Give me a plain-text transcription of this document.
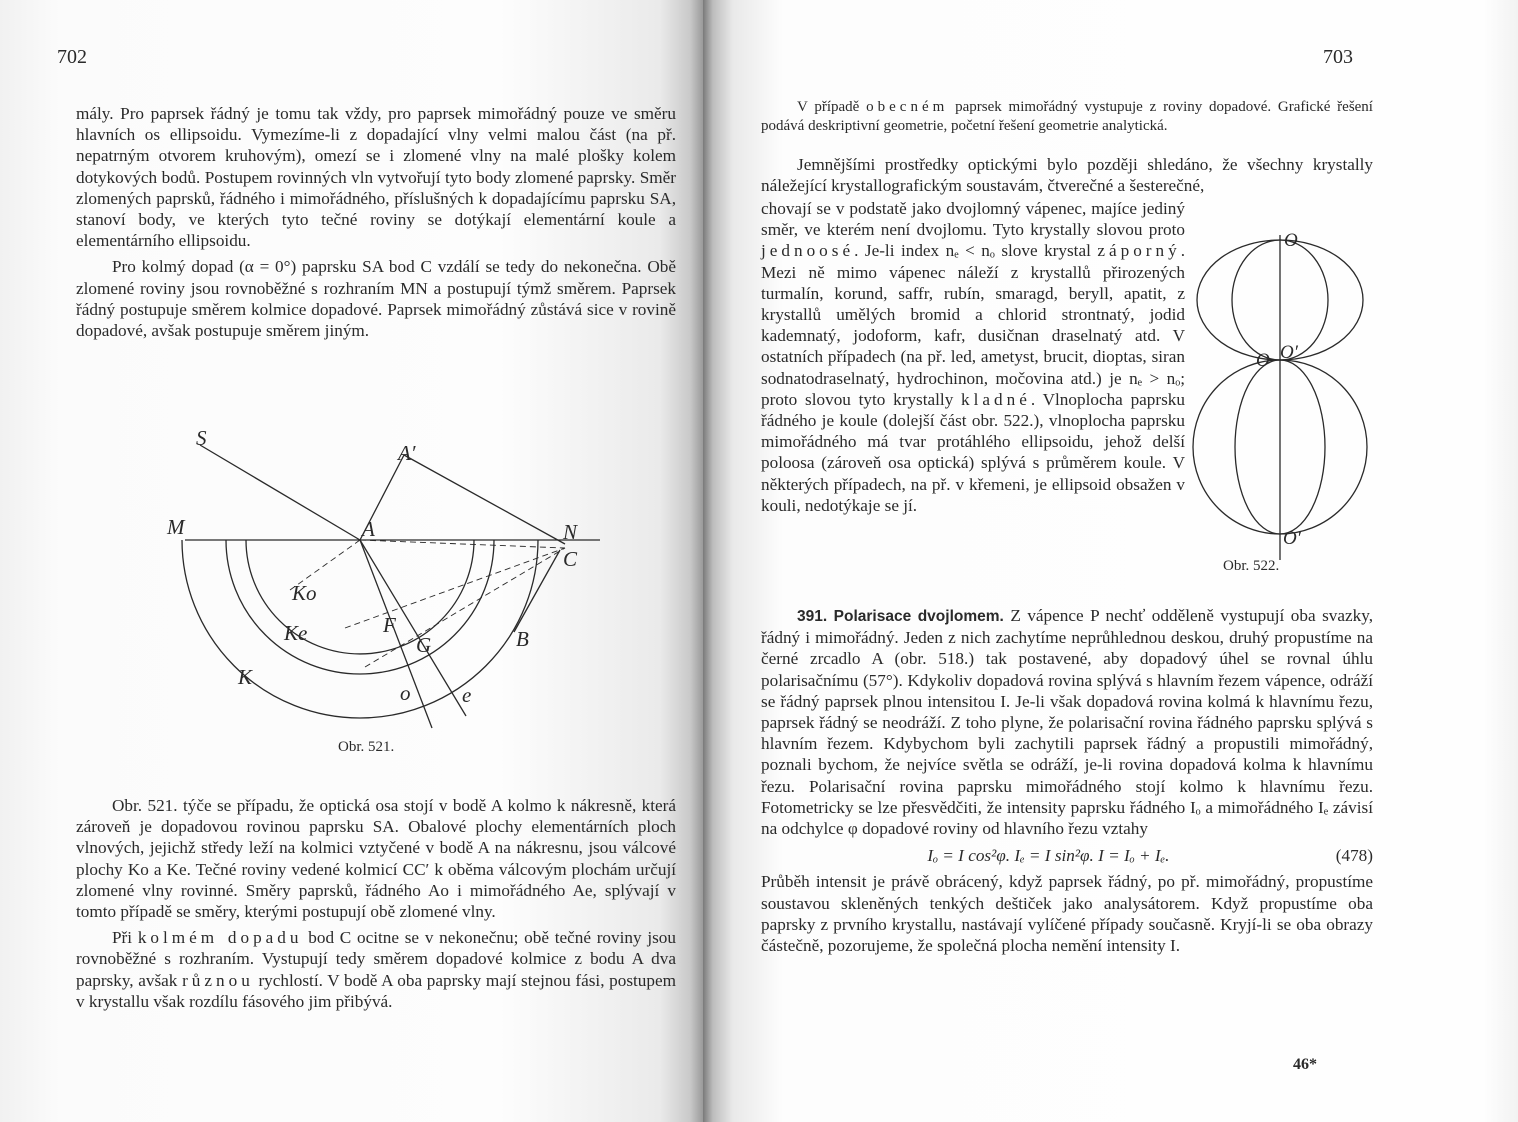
702

mály. Pro paprsek řádný je tomu tak vždy, pro paprsek mimořádný pouze ve směru hlavních os ellipsoidu. Vymezíme-li z dopadající vlny velmi malou část (na př. nepatrným otvorem kruhovým), omezí se i zlomené vlny na malé plošky kolem dotykových bodů. Postupem rovinných vln vytvořují tyto body zlomené paprsky. Směr zlomených paprsků, řádného i mimořádného, příslušných k dopadajícímu paprsku SA, stanoví body, ve kterých tyto tečné roviny se dotýkají elementární koule a elementárního ellipsoidu.

Pro kolmý dopad (α = 0°) paprsku SA bod C vzdálí se tedy do nekonečna. Obě zlomené roviny jsou rovnoběžné s rozhraním MN a postupují týmž směrem. Paprsek řádný postupuje směrem kolmice dopadové. Paprsek mimořádný zůstává sice v rovině dopadové, avšak postupuje směrem jiným.

S
A′
M	A	N
C
Ko
Ke	F
G	B
K
o e
Obr. 521.

Obr. 521. týče se případu, že optická osa stojí v bodě A kolmo k nákresně, která zároveň je dopadovou rovinou paprsku SA. Obalové plochy elementárních ploch vlnových, jejichž středy leží na kolmici vztyčené v bodě A na nákresnu, jsou válcové plochy Ko a Ke. Tečné roviny vedené kolmicí CC′ k oběma válcovým plochám určují zlomené vlny rovinné. Směry paprsků, řádného Ao i mimořádného Ae, splývají v tomto případě se směry, kterými postupují obě zlomené vlny.

Při kolmém dopadu bod C ocitne se v nekonečnu; obě tečné roviny jsou rovnoběžné s rozhraním. Vystupují tedy směrem dopadové kolmice z bodu A dva paprsky, avšak různou rychlostí. V bodě A oba paprsky mají stejnou fási, postupem v krystallu však rozdílu fásového jim přibývá.

703

V případě obecném paprsek mimořádný vystupuje z roviny dopadové. Grafické řešení podává deskriptivní geometrie, početní řešení geometrie analytická.

Jemnějšími prostředky optickými bylo později shledáno, že všechny krystally náležející krystallografickým soustavám, čtverečné a šesterečné,

chovají se v podstatě jako dvojlomný vápenec, majíce jediný směr, ve kterém není dvojlomu. Tyto krystally slovou proto jednoosé. Je-li index nₑ < nₒ slove krystal záporný. Mezi ně mimo vápenec náleží z krystallů přirozených turmalín, korund, saffr, rubín, smaragd, beryll, apatit, z krystallů umělých bromid a chlorid strontnatý, jodid kademnatý, jodoform, kafr, dusičnan draselnatý atd. V ostatních případech (na př. led, ametyst, brucit, dioptas, siran sodnatodraselnatý, hydrochinon, močovina atd.) je nₑ > nₒ; proto slovou tyto krystally kladné. Vlnoplocha paprsku řádného je koule (dolejší část obr. 522.), vlnoplocha paprsku mimořádného má tvar protáhlého ellipsoidu, jehož delší poloosa (zároveň osa optická) splývá s průměrem koule. V některých případech, na př. v křemeni, je ellipsoid obsažen v kouli, nedotýkaje se jí.

O
O O′
O′
Obr. 522.

391. Polarisace dvojlomem. Z vápence P nechť odděleně vystupují oba svazky, řádný i mimořádný. Jeden z nich zachytíme neprůhlednou deskou, druhý propustíme na černé zrcadlo A (obr. 518.) tak postavené, aby dopadový úhel se rovnal úhlu polarisačnímu (57°). Kdykoliv dopadová rovina splývá s hlavním řezem vápence, odráží se řádný paprsek plnou intensitou I. Je-li však dopadová rovina kolmá k hlavnímu řezu, paprsek řádný se neodráží. Z toho plyne, že polarisační rovina řádného paprsku splývá s hlavním řezem. Kdybychom byli zachytili paprsek řádný a propustili mimořádný, poznali bychom, že nejvíce světla se odráží, je-li rovina dopadová kolma k hlavnímu řezu. Polarisační rovina paprsku mimořádného stojí kolmo k hlavnímu řezu. Fotometricky se lze přesvědčiti, že intensity paprsku řádného Iₒ a mimořádného Iₑ závisí na odchylce φ dopadové roviny od hlavního řezu vztahy

Iₒ = I cos²φ. Iₑ = I sin²φ. I = Iₒ + Iₑ.	(478)

Průběh intensit je právě obrácený, když paprsek řádný, po př. mimořádný, propustíme soustavou skleněných tenkých deštiček jako analysátorem. Když propustíme oba paprsky z prvního krystallu, nastávají vylíčené případy současně. Kryjí-li se oba obrazy částečně, pozorujeme, že společná plocha nemění intensity I.

46*
